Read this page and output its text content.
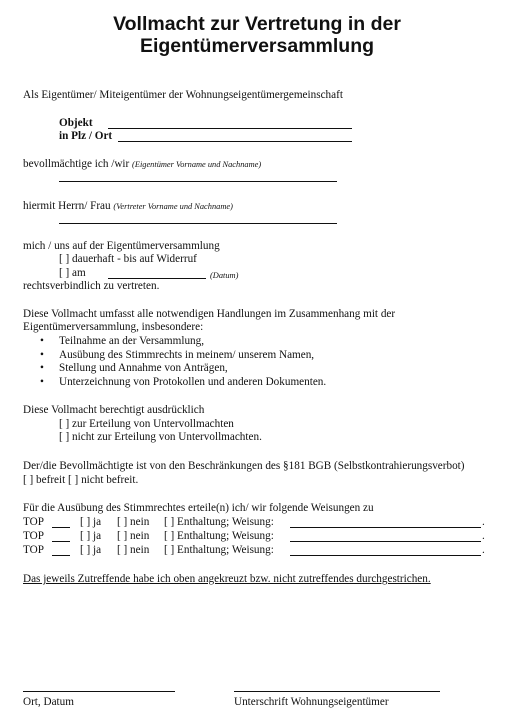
Vollmacht zur Vertretung in der
Eigentümerversammlung
Als Eigentümer/ Miteigentümer der Wohnungseigentümergemeinschaft
Objekt
in Plz / Ort
bevollmächtige ich /wir (Eigentümer Vorname und Nachname)
hiermit Herrn/ Frau (Vertreter Vorname und Nachname)
mich / uns auf der Eigentümerversammlung
[ ] dauerhaft - bis auf Widerruf
[ ] am	(Datum)
rechtsverbindlich zu vertreten.
Diese Vollmacht umfasst alle notwendigen Handlungen im Zusammenhang mit der
Eigentümerversammlung, insbesondere:
• Teilnahme an der Versammlung,
• Ausübung des Stimmrechts in meinem/ unserem Namen,
• Stellung und Annahme von Anträgen,
• Unterzeichnung von Protokollen und anderen Dokumenten.
Diese Vollmacht berechtigt ausdrücklich
[ ] zur Erteilung von Untervollmachten
[ ] nicht zur Erteilung von Untervollmachten.
Der/die Bevollmächtigte ist von den Beschränkungen des §181 BGB (Selbstkontrahierungsverbot)
[ ] befreit [ ] nicht befreit.
Für die Ausübung des Stimmrechtes erteile(n) ich/ wir folgende Weisungen zu
TOP	[ ] ja [ ] nein [ ] Enthaltung; Weisung:	.
TOP	[ ] ja [ ] nein [ ] Enthaltung; Weisung:	.
TOP	[ ] ja [ ] nein [ ] Enthaltung; Weisung:	.
Das jeweils Zutreffende habe ich oben angekreuzt bzw. nicht zutreffendes durchgestrichen.
Ort, Datum	Unterschrift Wohnungseigentümer
